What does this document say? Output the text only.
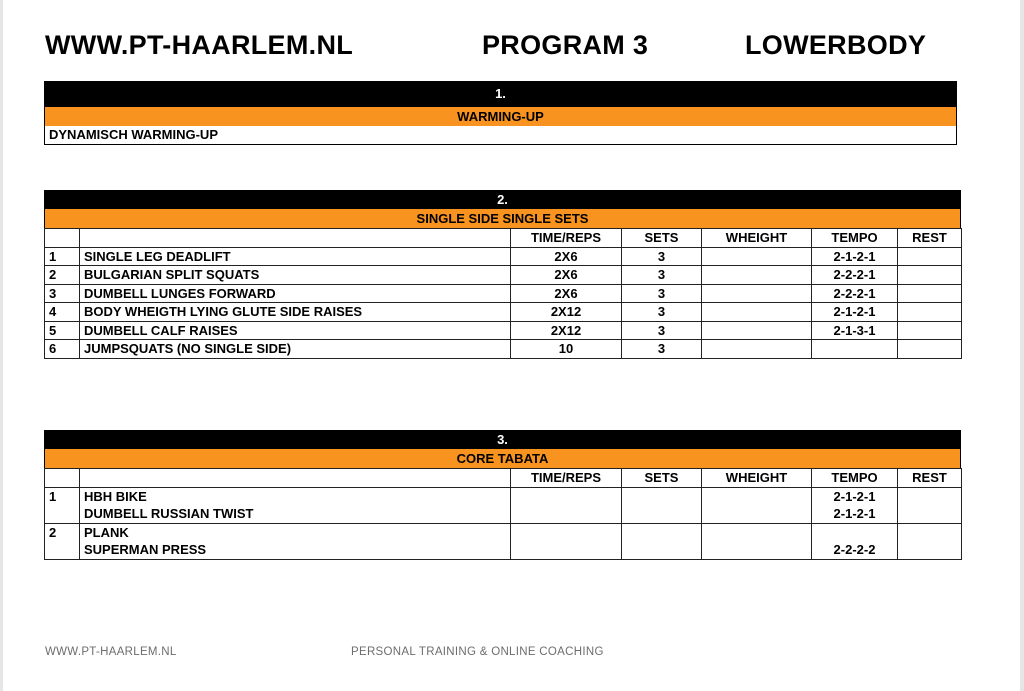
WWW.PT-HAARLEM.NL	PROGRAM 3	LOWERBODY
1.
WARMING-UP
DYNAMISCH WARMING-UP
2.
SINGLE SIDE SINGLE SETS
		TIME/REPS	SETS	WHEIGHT	TEMPO	REST
1	SINGLE LEG DEADLIFT	2X6	3		2-1-2-1	
2	BULGARIAN SPLIT SQUATS	2X6	3		2-2-2-1	
3	DUMBELL LUNGES FORWARD	2X6	3		2-2-2-1	
4	BODY WHEIGTH LYING GLUTE SIDE RAISES	2X12	3		2-1-2-1	
5	DUMBELL CALF RAISES	2X12	3		2-1-3-1	
6	JUMPSQUATS (NO SINGLE SIDE)	10	3			
3.
CORE TABATA
		TIME/REPS	SETS	WHEIGHT	TEMPO	REST
1	HBH BIKE				2-1-2-1	
	DUMBELL RUSSIAN TWIST				2-1-2-1	
2	PLANK					
	SUPERMAN PRESS				2-2-2-2	
WWW.PT-HAARLEM.NL	PERSONAL TRAINING & ONLINE COACHING
